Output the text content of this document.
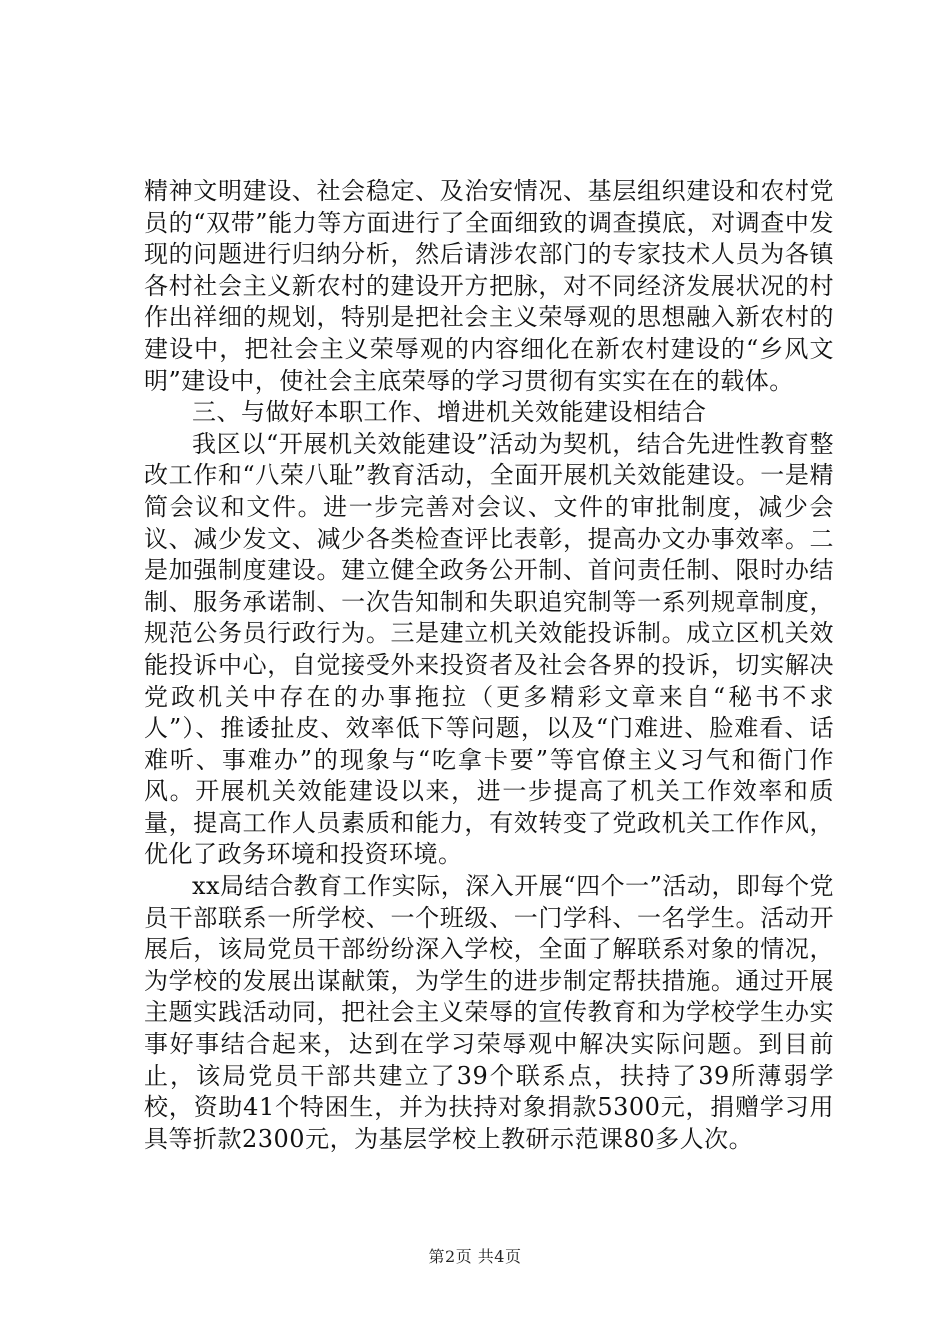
精神文明建设、社会稳定、及治安情况、基层组织建设和农村党员的“双带”能力等方面进行了全面细致的调查摸底，对调查中发现的问题进行归纳分析，然后请涉农部门的专家技术人员为各镇各村社会主义新农村的建设开方把脉，对不同经济发展状况的村作出祥细的规划，特别是把社会主义荣辱观的思想融入新农村的建设中，把社会主义荣辱观的内容细化在新农村建设的“乡风文明”建设中，使社会主底荣辱的学习贯彻有实实在在的载体。

三、与做好本职工作、增进机关效能建设相结合

我区以“开展机关效能建设”活动为契机，结合先进性教育整改工作和“八荣八耻”教育活动，全面开展机关效能建设。一是精简会议和文件。进一步完善对会议、文件的审批制度，减少会议、减少发文、减少各类检查评比表彰，提高办文办事效率。二是加强制度建设。建立健全政务公开制、首问责任制、限时办结制、服务承诺制、一次告知制和失职追究制等一系列规章制度，规范公务员行政行为。三是建立机关效能投诉制。成立区机关效能投诉中心，自觉接受外来投资者及社会各界的投诉，切实解决党政机关中存在的办事拖拉（更多精彩文章来自“秘书不求人”）、推诿扯皮、效率低下等问题，以及“门难进、脸难看、话难听、事难办”的现象与“吃拿卡要”等官僚主义习气和衙门作风。开展机关效能建设以来，进一步提高了机关工作效率和质量，提高工作人员素质和能力，有效转变了党政机关工作作风，优化了政务环境和投资环境。

xx局结合教育工作实际，深入开展“四个一”活动，即每个党员干部联系一所学校、一个班级、一门学科、一名学生。活动开展后，该局党员干部纷纷深入学校，全面了解联系对象的情况，为学校的发展出谋献策，为学生的进步制定帮扶措施。通过开展主题实践活动同，把社会主义荣辱的宣传教育和为学校学生办实事好事结合起来，达到在学习荣辱观中解决实际问题。到目前止，该局党员干部共建立了39个联系点，扶持了39所薄弱学校，资助41个特困生，并为扶持对象捐款5300元，捐赠学习用具等折款2300元，为基层学校上教研示范课80多人次。

第2页 共4页
